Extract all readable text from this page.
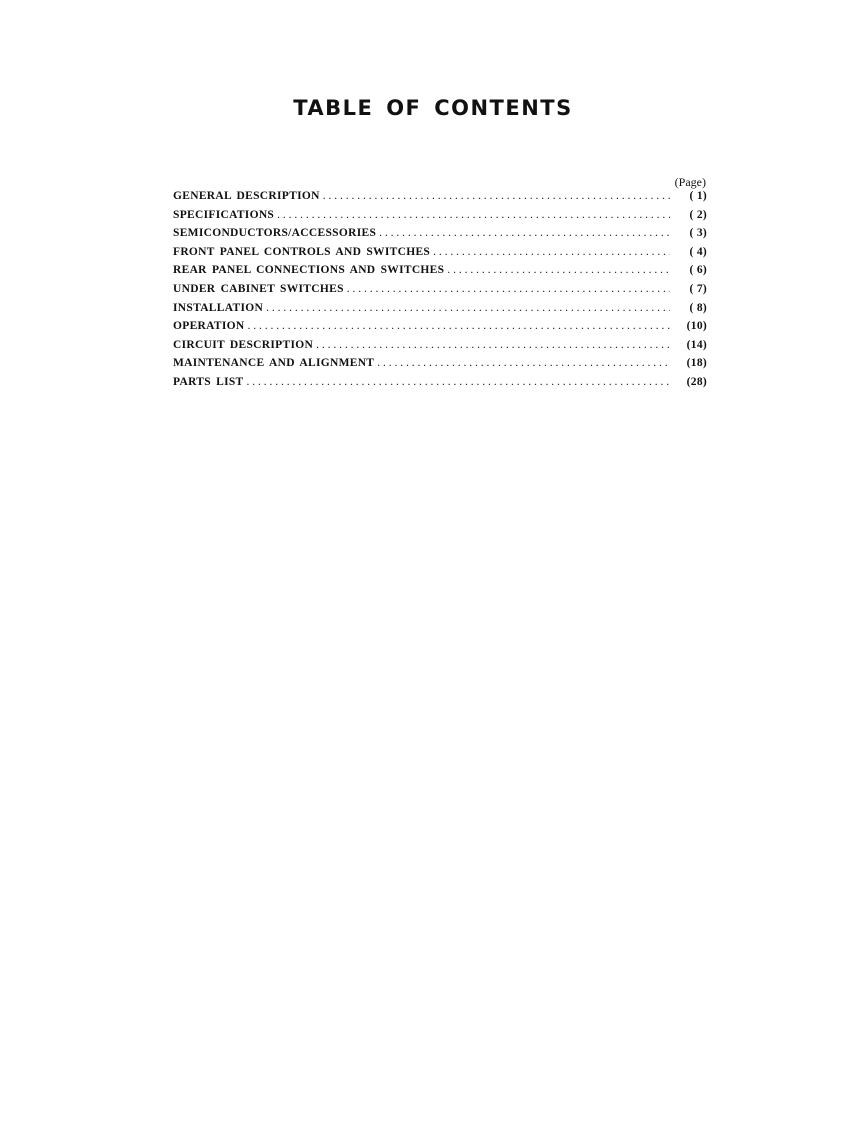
TABLE OF CONTENTS
(Page)
GENERAL DESCRIPTION . . .	( 1)
SPECIFICATIONS . . .	( 2)
SEMICONDUCTORS/ACCESSORIES . . .	( 3)
FRONT PANEL CONTROLS AND SWITCHES . . .	( 4)
REAR PANEL CONNECTIONS AND SWITCHES . . .	( 6)
UNDER CABINET SWITCHES . . .	( 7)
INSTALLATION . . .	( 8)
OPERATION . . .	(10)
CIRCUIT DESCRIPTION . . .	(14)
MAINTENANCE AND ALIGNMENT . . .	(18)
PARTS LIST . . .	(28)
